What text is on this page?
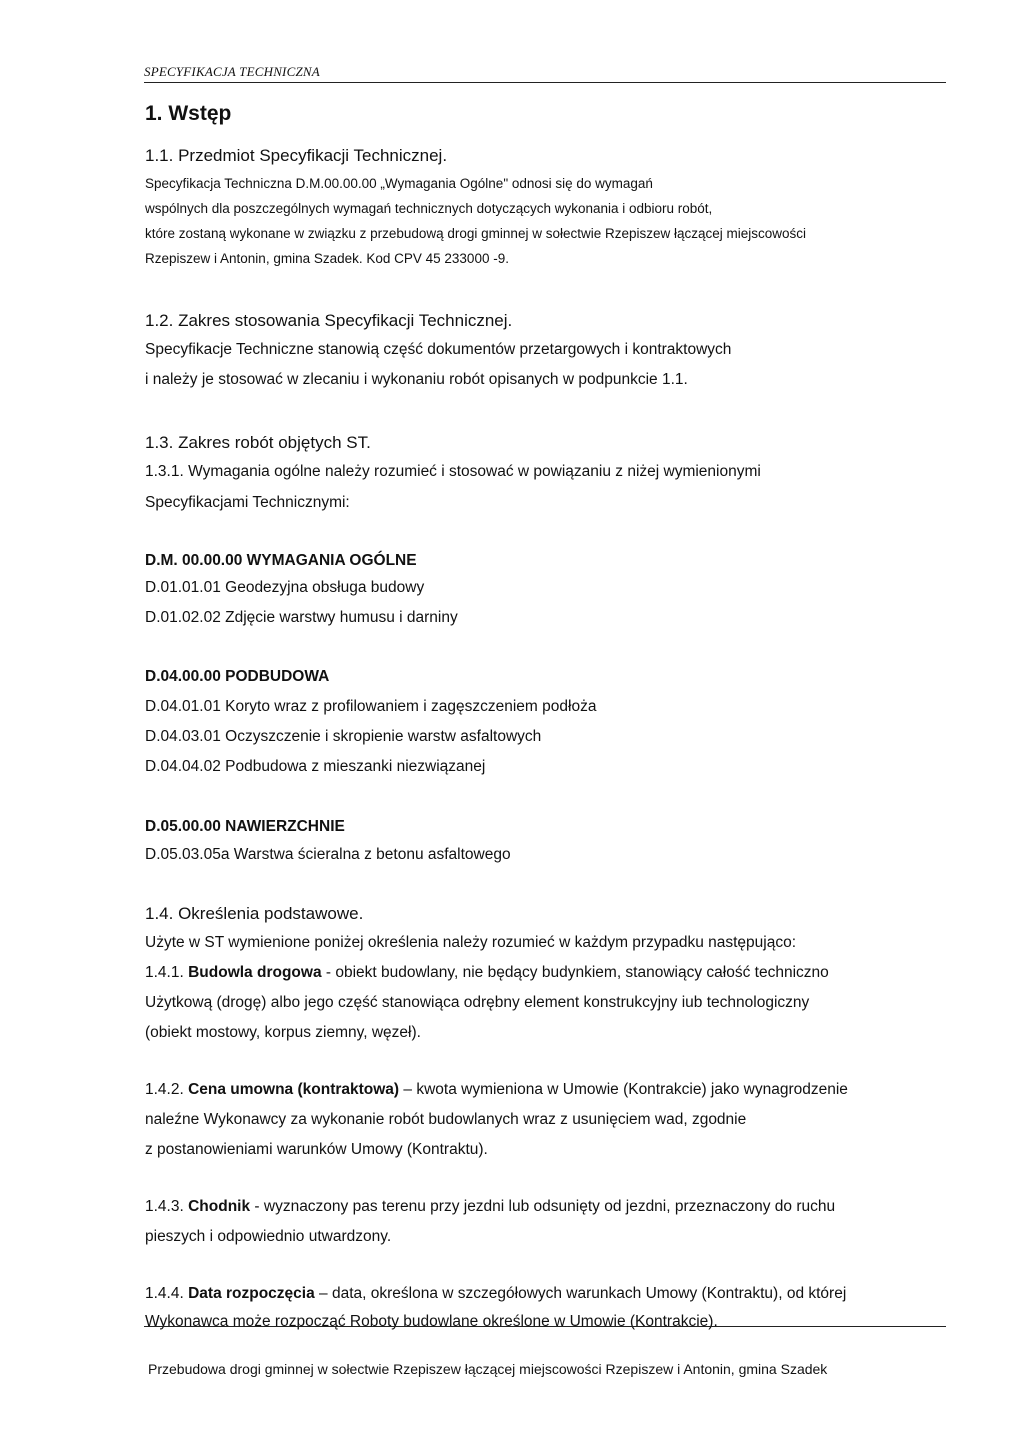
SPECYFIKACJA TECHNICZNA
1. Wstęp
1.1. Przedmiot Specyfikacji Technicznej.
Specyfikacja Techniczna D.M.00.00.00 „Wymagania Ogólne" odnosi się do wymagań
wspólnych dla poszczególnych wymagań technicznych dotyczących wykonania i odbioru robót,
które zostaną wykonane w związku z przebudową drogi gminnej w sołectwie Rzepiszew łączącej miejscowości
Rzepiszew i Antonin, gmina Szadek. Kod CPV 45 233000 -9.
1.2. Zakres stosowania Specyfikacji Technicznej.
Specyfikacje Techniczne stanowią część dokumentów przetargowych i kontraktowych
i należy je stosować w zlecaniu i wykonaniu robót opisanych w podpunkcie 1.1.
1.3. Zakres robót objętych ST.
1.3.1. Wymagania ogólne należy rozumieć i stosować w powiązaniu z niżej wymienionymi
Specyfikacjami Technicznymi:
D.M. 00.00.00 WYMAGANIA OGÓLNE
D.01.01.01 Geodezyjna obsługa budowy
D.01.02.02 Zdjęcie warstwy humusu i darniny
D.04.00.00 PODBUDOWA
D.04.01.01 Koryto wraz z profilowaniem i zagęszczeniem podłoża
D.04.03.01 Oczyszczenie i skropienie warstw asfaltowych
D.04.04.02 Podbudowa z mieszanki niezwiązanej
D.05.00.00 NAWIERZCHNIE
D.05.03.05a Warstwa ścieralna z betonu asfaltowego
1.4. Określenia podstawowe.
Użyte w ST wymienione poniżej określenia należy rozumieć w każdym przypadku następująco:
1.4.1. Budowla drogowa - obiekt budowlany, nie będący budynkiem, stanowiący całość techniczno
Użytkową (drogę) albo jego część stanowiąca odrębny element konstrukcyjny iub technologiczny
(obiekt mostowy, korpus ziemny, węzeł).
1.4.2. Cena umowna (kontraktowa) – kwota wymieniona w Umowie (Kontrakcie) jako wynagrodzenie
naleźne Wykonawcy za wykonanie robót budowlanych wraz z usunięciem wad, zgodnie
z postanowieniami warunków Umowy (Kontraktu).
1.4.3. Chodnik - wyznaczony pas terenu przy jezdni lub odsunięty od jezdni, przeznaczony do ruchu
pieszych i odpowiednio utwardzony.
1.4.4. Data rozpoczęcia – data, określona w szczegółowych warunkach Umowy (Kontraktu), od której
Wykonawca może rozpocząć Roboty budowlane określone w Umowie (Kontrakcie).
Przebudowa drogi gminnej w sołectwie Rzepiszew łączącej miejscowości Rzepiszew i Antonin, gmina Szadek
